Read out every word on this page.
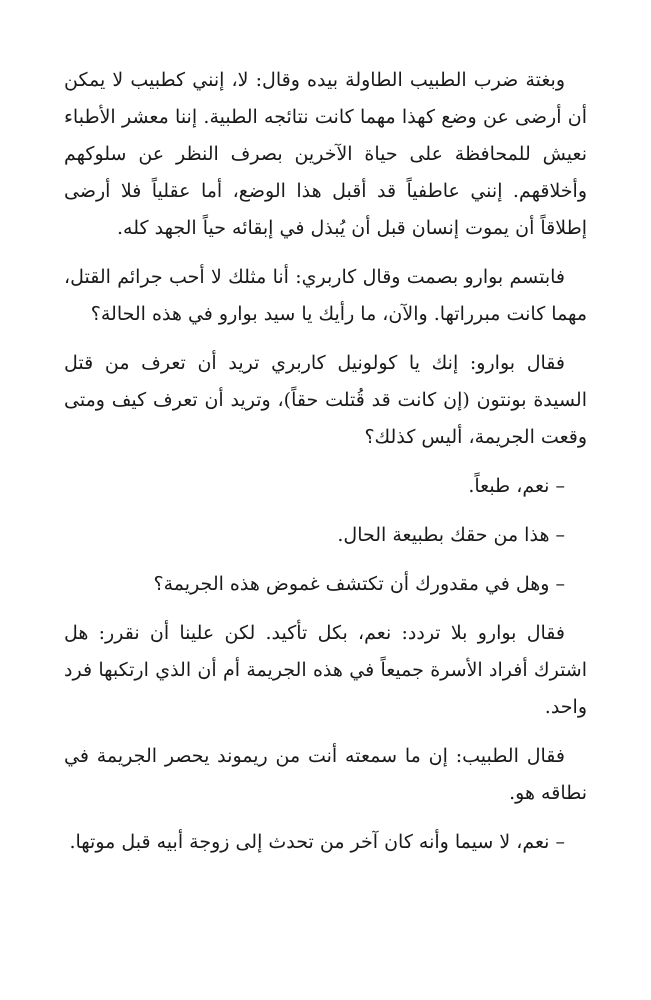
وبغتة ضرب الطبيب الطاولة بيده وقال: لا، إنني كطبيب لا يمكن أن أرضى عن وضع كهذا مهما كانت نتائجه الطبية. إننا معشر الأطباء نعيش للمحافظة على حياة الآخرين بصرف النظر عن سلوكهم وأخلاقهم. إنني عاطفياً قد أقبل هذا الوضع، أما عقلياً فلا أرضى إطلاقاً أن يموت إنسان قبل أن يُبذل في إبقائه حياً الجهد كله.

فابتسم بوارو بصمت وقال كاربري: أنا مثلك لا أحب جرائم القتل، مهما كانت مبرراتها. والآن، ما رأيك يا سيد بوارو في هذه الحالة؟

فقال بوارو: إنك يا كولونيل كاربري تريد أن تعرف من قتل السيدة بونتون (إن كانت قد قُتلت حقاً)، وتريد أن تعرف كيف ومتى وقعت الجريمة، أليس كذلك؟

– نعم، طبعاً.

– هذا من حقك بطبيعة الحال.

– وهل في مقدورك أن تكتشف غموض هذه الجريمة؟

فقال بوارو بلا تردد: نعم، بكل تأكيد. لكن علينا أن نقرر: هل اشترك أفراد الأسرة جميعاً في هذه الجريمة أم أن الذي ارتكبها فرد واحد.

فقال الطبيب: إن ما سمعته أنت من ريموند يحصر الجريمة في نطاقه هو.

– نعم، لا سيما وأنه كان آخر من تحدث إلى زوجة أبيه قبل موتها.
